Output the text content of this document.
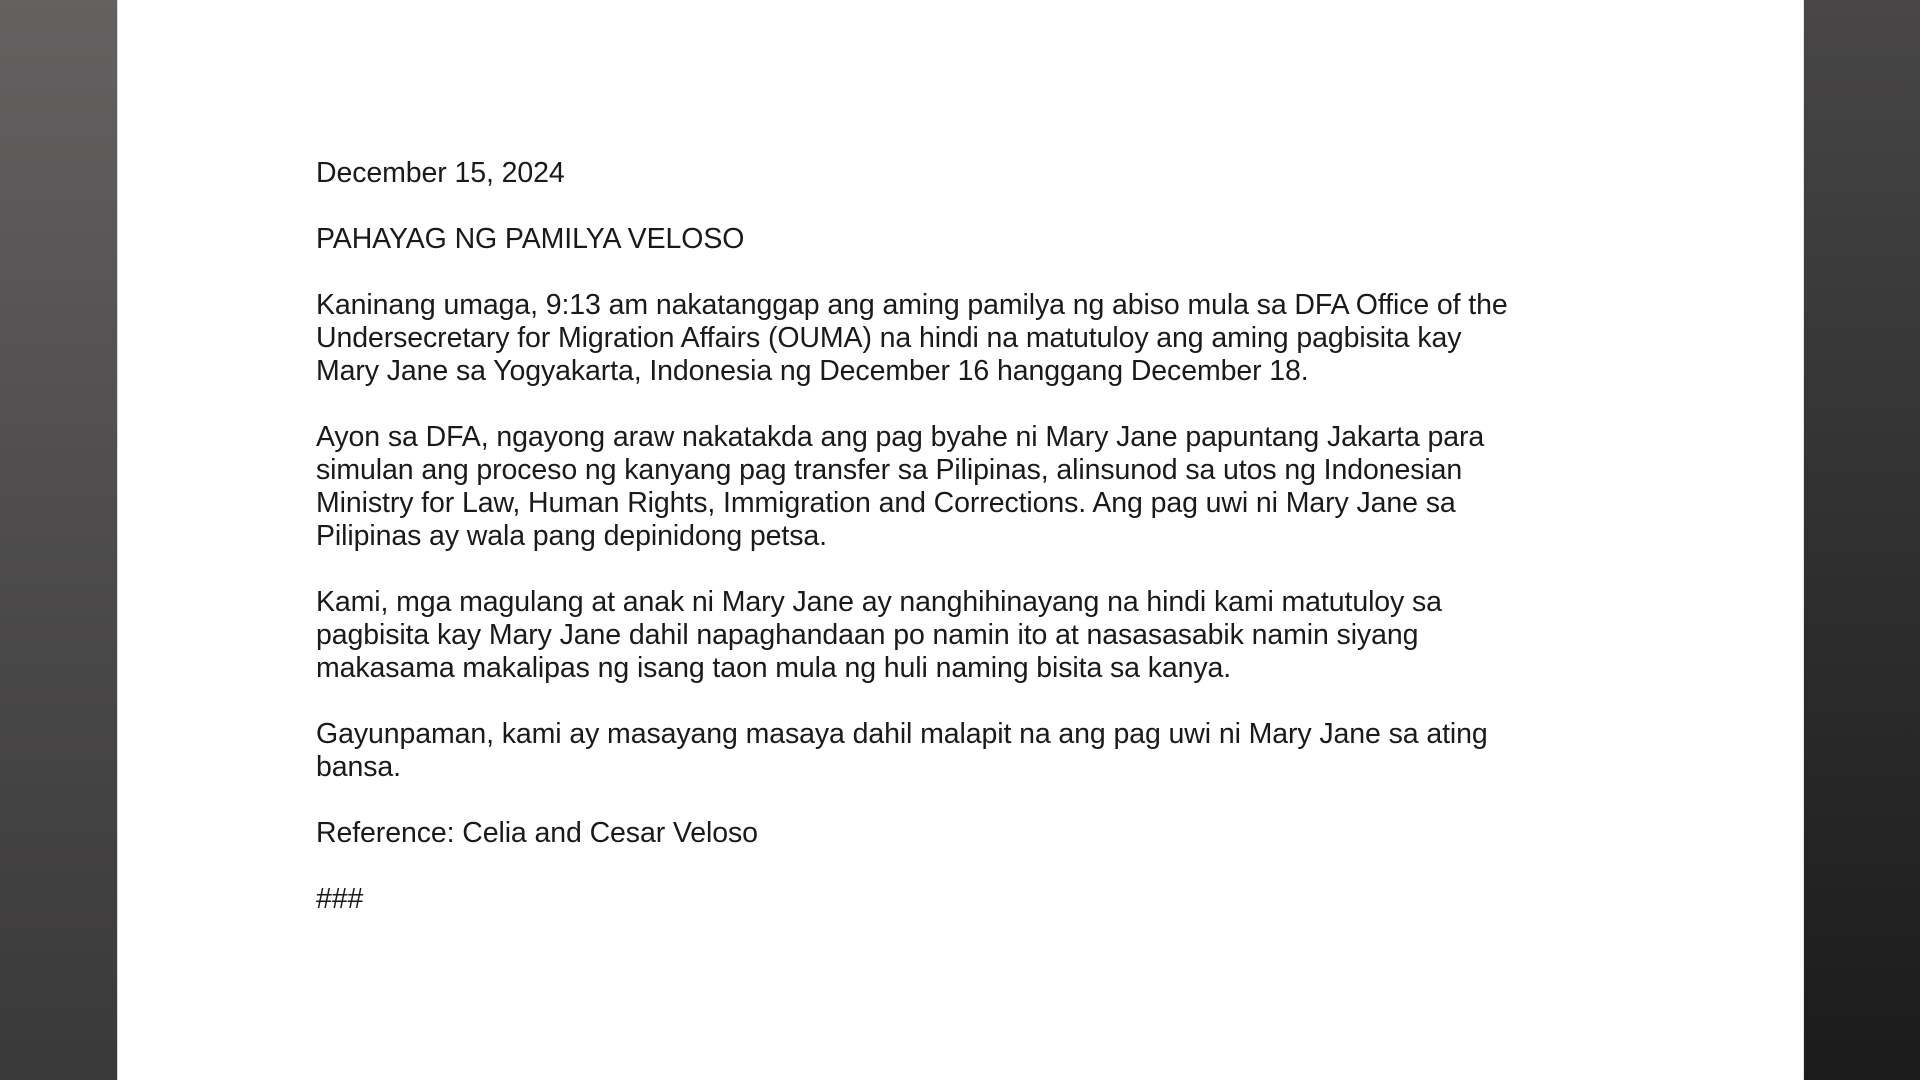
December 15, 2024
PAHAYAG NG PAMILYA VELOSO
Kaninang umaga, 9:13 am nakatanggap ang aming pamilya ng abiso mula sa DFA Office of the
Undersecretary for Migration Affairs (OUMA) na hindi na matutuloy ang aming pagbisita kay
Mary Jane sa Yogyakarta, Indonesia ng December 16 hanggang December 18.
Ayon sa DFA, ngayong araw nakatakda ang pag byahe ni Mary Jane papuntang Jakarta para
simulan ang proceso ng kanyang pag transfer sa Pilipinas, alinsunod sa utos ng Indonesian
Ministry for Law, Human Rights, Immigration and Corrections. Ang pag uwi ni Mary Jane sa
Pilipinas ay wala pang depinidong petsa.
Kami, mga magulang at anak ni Mary Jane ay nanghihinayang na hindi kami matutuloy sa
pagbisita kay Mary Jane dahil napaghandaan po namin ito at nasasasabik namin siyang
makasama makalipas ng isang taon mula ng huli naming bisita sa kanya.
Gayunpaman, kami ay masayang masaya dahil malapit na ang pag uwi ni Mary Jane sa ating
bansa.
Reference: Celia and Cesar Veloso
###
